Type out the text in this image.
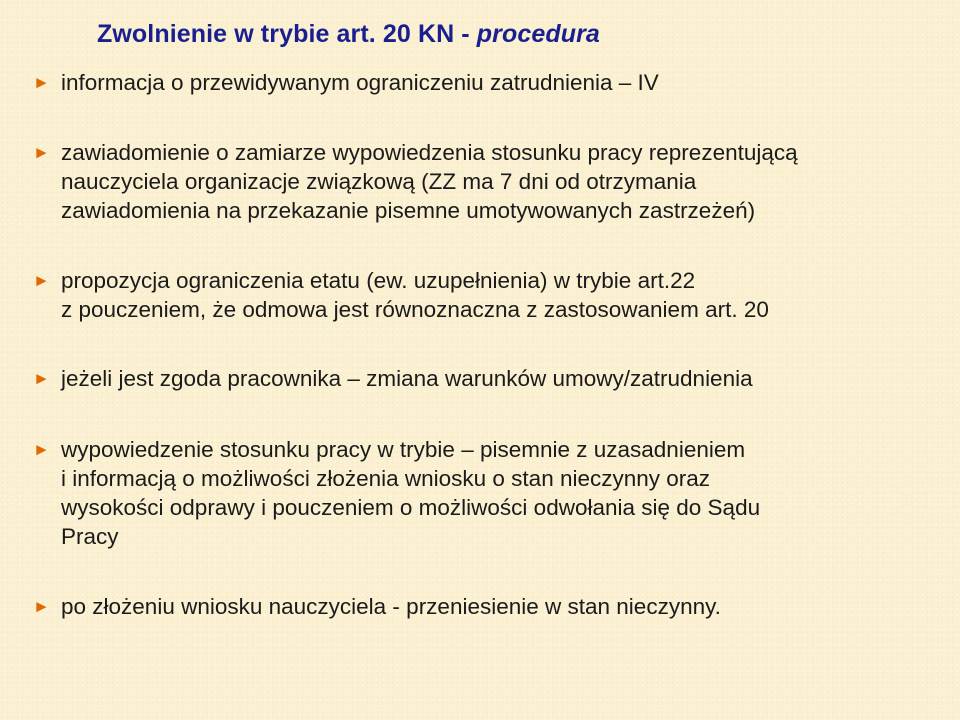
Zwolnienie w trybie art. 20 KN - procedura
► informacja o przewidywanym ograniczeniu zatrudnienia – IV
► zawiadomienie o zamiarze wypowiedzenia stosunku pracy reprezentującą
nauczyciela organizacje związkową (ZZ ma 7 dni od otrzymania
zawiadomienia na przekazanie pisemne umotywowanych zastrzeżeń)
► propozycja ograniczenia etatu (ew. uzupełnienia) w trybie art.22
z pouczeniem, że odmowa jest równoznaczna z zastosowaniem art. 20
► jeżeli jest zgoda pracownika – zmiana warunków umowy/zatrudnienia
► wypowiedzenie stosunku pracy w trybie – pisemnie z uzasadnieniem
i informacją o możliwości złożenia wniosku o stan nieczynny oraz
wysokości odprawy i pouczeniem o możliwości odwołania się do Sądu
Pracy
► po złożeniu wniosku nauczyciela - przeniesienie w stan nieczynny.
